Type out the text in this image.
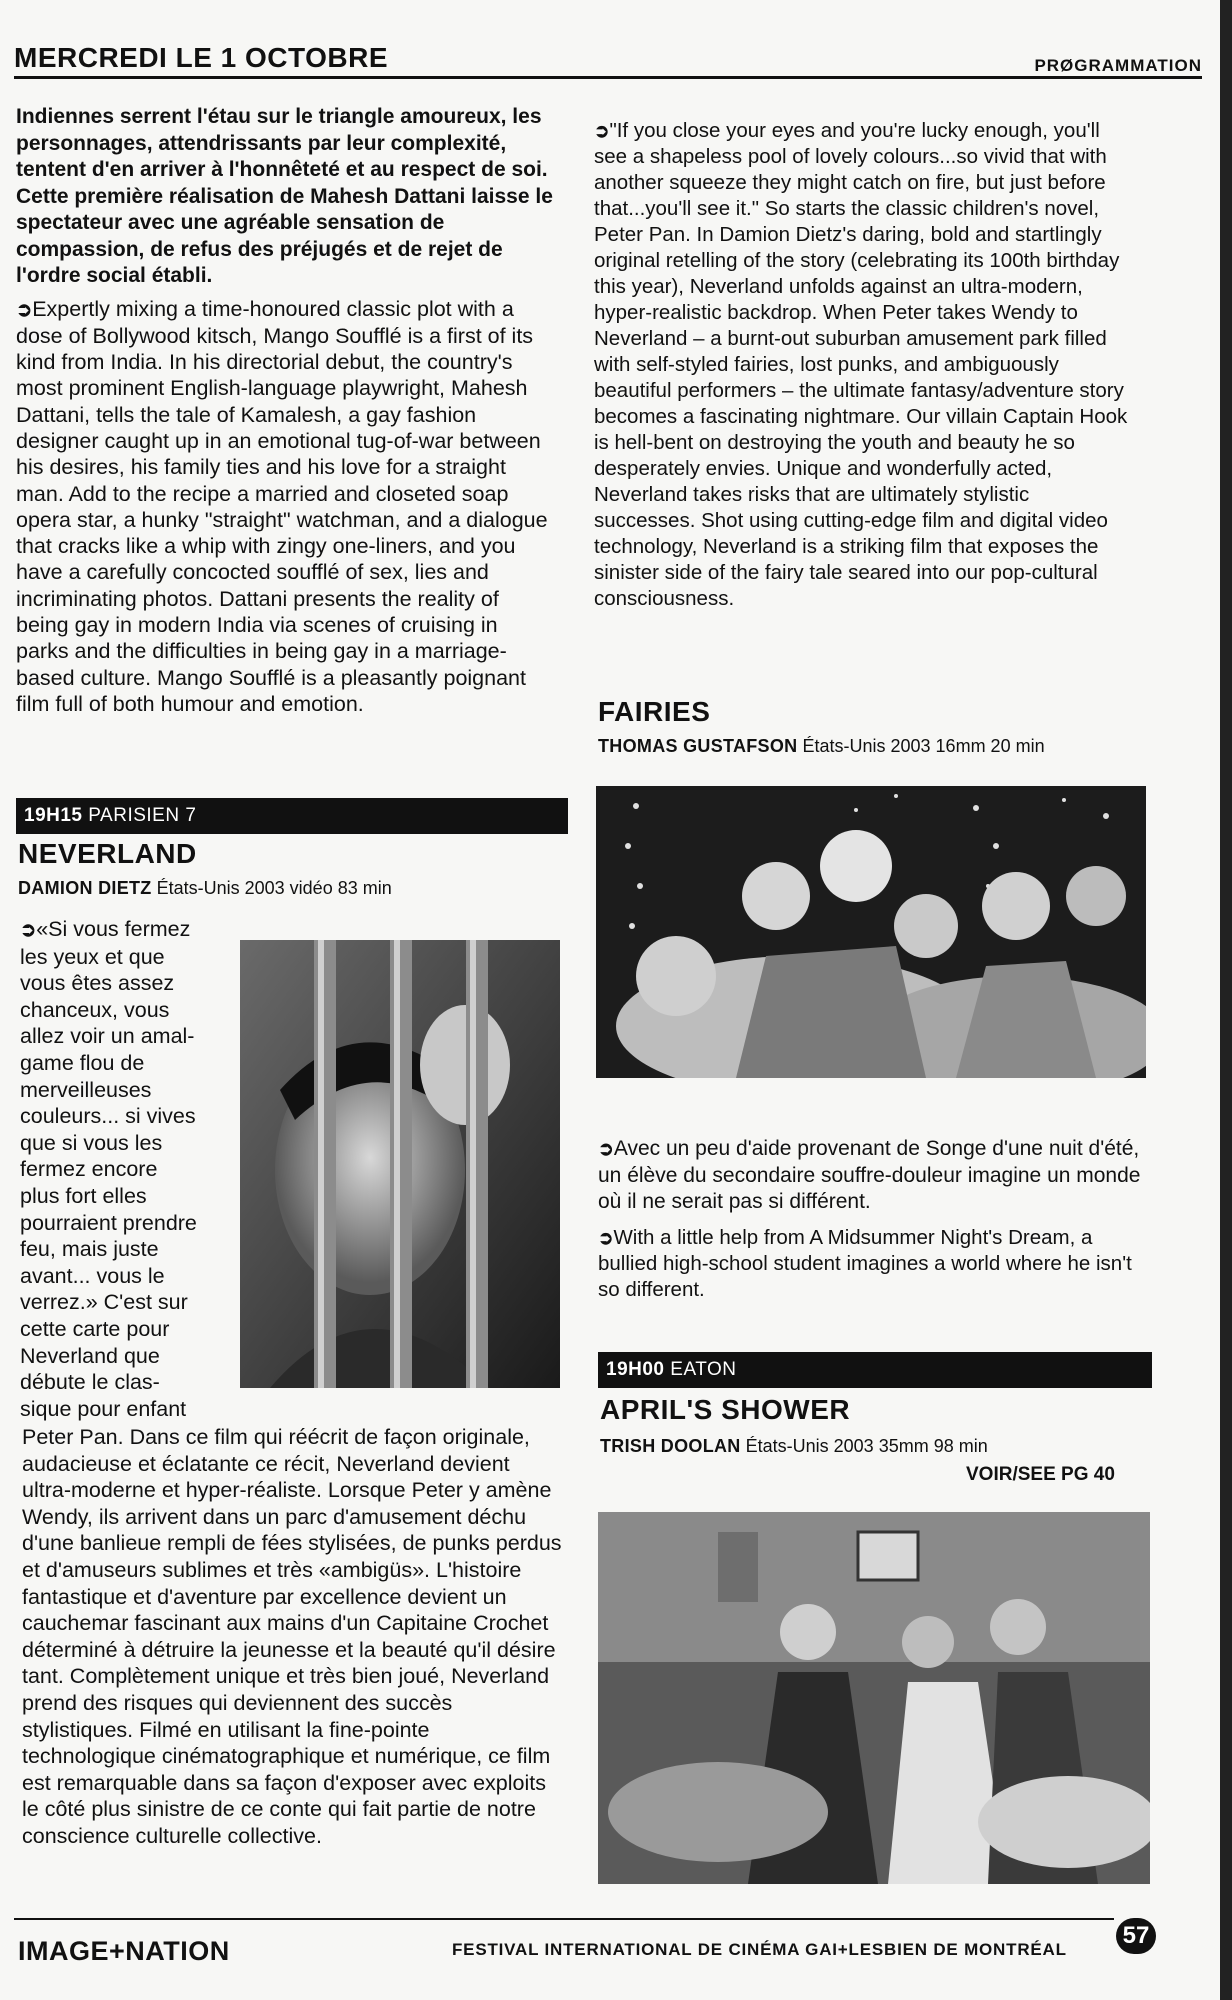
MERCREDI LE 1 OCTOBRE	PRØGRAMMATION

Indiennes serrent l'étau sur le triangle amoureux, les personnages, attendrissants par leur complexité, tentent d'en arriver à l'honnêteté et au respect de soi. Cette première réalisation de Mahesh Dattani laisse le spectateur avec une agréable sensation de compassion, de refus des préjugés et de rejet de l'ordre social établi.

➲Expertly mixing a time-honoured classic plot with a dose of Bollywood kitsch, Mango Soufflé is a first of its kind from India. In his directorial debut, the country's most prominent English-language playwright, Mahesh Dattani, tells the tale of Kamalesh, a gay fashion designer caught up in an emotional tug-of-war between his desires, his family ties and his love for a straight man. Add to the recipe a married and closeted soap opera star, a hunky "straight" watchman, and a dialogue that cracks like a whip with zingy one-liners, and you have a carefully concocted soufflé of sex, lies and incriminating photos. Dattani presents the reality of being gay in modern India via scenes of cruising in parks and the difficulties in being gay in a marriage-based culture. Mango Soufflé is a pleasantly poignant film full of both humour and emotion.

19H15 PARISIEN 7
NEVERLAND
DAMION DIETZ États-Unis 2003 vidéo 83 min
➲«Si vous fermez
les yeux et que
vous êtes assez
chanceux, vous
allez voir un amal-
game flou de
merveilleuses
couleurs... si vives
que si vous les
fermez encore
plus fort elles
pourraient prendre
feu, mais juste
avant... vous le
verrez.» C'est sur
cette carte pour
Neverland que
débute le clas-
sique pour enfant

Peter Pan. Dans ce film qui réécrit de façon originale, audacieuse et éclatante ce récit, Neverland devient ultra-moderne et hyper-réaliste. Lorsque Peter y amène Wendy, ils arrivent dans un parc d'amusement déchu d'une banlieue rempli de fées stylisées, de punks perdus et d'amuseurs sublimes et très «ambigüs». L'histoire fantastique et d'aventure par excellence devient un cauchemar fascinant aux mains d'un Capitaine Crochet déterminé à détruire la jeunesse et la beauté qu'il désire tant. Complètement unique et très bien joué, Neverland prend des risques qui deviennent des succès stylistiques. Filmé en utilisant la fine-pointe technologique cinématographique et numérique, ce film est remarquable dans sa façon d'exposer avec exploits le côté plus sinistre de ce conte qui fait partie de notre conscience culturelle collective.

➲"If you close your eyes and you're lucky enough, you'll see a shapeless pool of lovely colours...so vivid that with another squeeze they might catch on fire, but just before that...you'll see it." So starts the classic children's novel, Peter Pan. In Damion Dietz's daring, bold and startlingly original retelling of the story (celebrating its 100th birthday this year), Neverland unfolds against an ultra-modern, hyper-realistic backdrop. When Peter takes Wendy to Neverland – a burnt-out suburban amusement park filled with self-styled fairies, lost punks, and ambiguously beautiful performers – the ultimate fantasy/adventure story becomes a fascinating nightmare. Our villain Captain Hook is hell-bent on destroying the youth and beauty he so desperately envies. Unique and wonderfully acted, Neverland takes risks that are ultimately stylistic successes. Shot using cutting-edge film and digital video technology, Neverland is a striking film that exposes the sinister side of the fairy tale seared into our pop-cultural consciousness.

FAIRIES
THOMAS GUSTAFSON États-Unis 2003 16mm 20 min

➲Avec un peu d'aide provenant de Songe d'une nuit d'été, un élève du secondaire souffre-douleur imagine un monde où il ne serait pas si différent.

➲With a little help from A Midsummer Night's Dream, a bullied high-school student imagines a world where he isn't so different.

19H00 EATON
APRIL'S SHOWER
TRISH DOOLAN États-Unis 2003 35mm 98 min
VOIR/SEE PG 40
IMAGE+NATION	FESTIVAL INTERNATIONAL DE CINÉMA GAI+LESBIEN DE MONTRÉAL
57
